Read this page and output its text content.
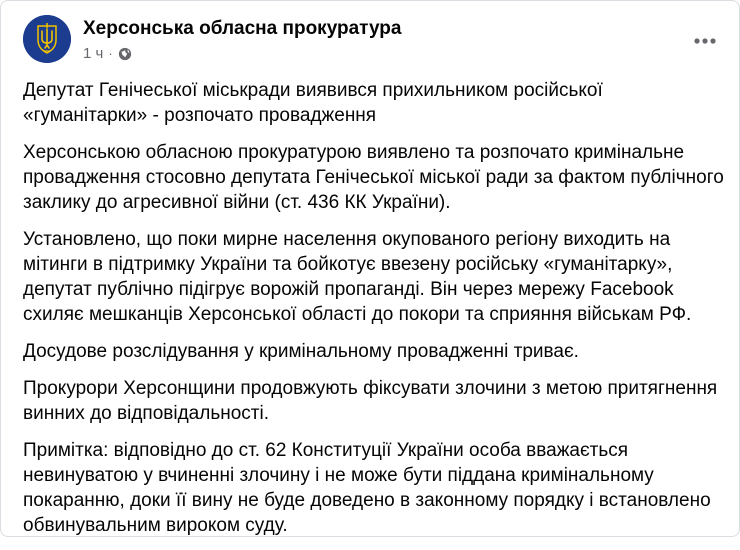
Херсонська обласна прокуратура
1 ч ·

Депутат Генічеської міськради виявився прихильником російської
«гуманітарки» - розпочато провадження

Херсонською обласною прокуратурою виявлено та розпочато кримінальне
провадження стосовно депутата Генічеської міської ради за фактом публічного
заклику до агресивної війни (ст. 436 КК України).

Установлено, що поки мирне населення окупованого регіону виходить на
мітинги в підтримку України та бойкотує ввезену російську «гуманітарку»,
депутат публічно підігрує ворожій пропаганді. Він через мережу Facebook
схиляє мешканців Херсонської області до покори та сприяння військам РФ.

Досудове розслідування у кримінальному провадженні триває.

Прокурори Херсонщини продовжують фіксувати злочини з метою притягнення
винних до відповідальності.

Примітка: відповідно до ст. 62 Конституції України особа вважається
невинуватою у вчиненні злочину і не може бути піддана кримінальному
покаранню, доки її вину не буде доведено в законному порядку і встановлено
обвинувальним вироком суду.
